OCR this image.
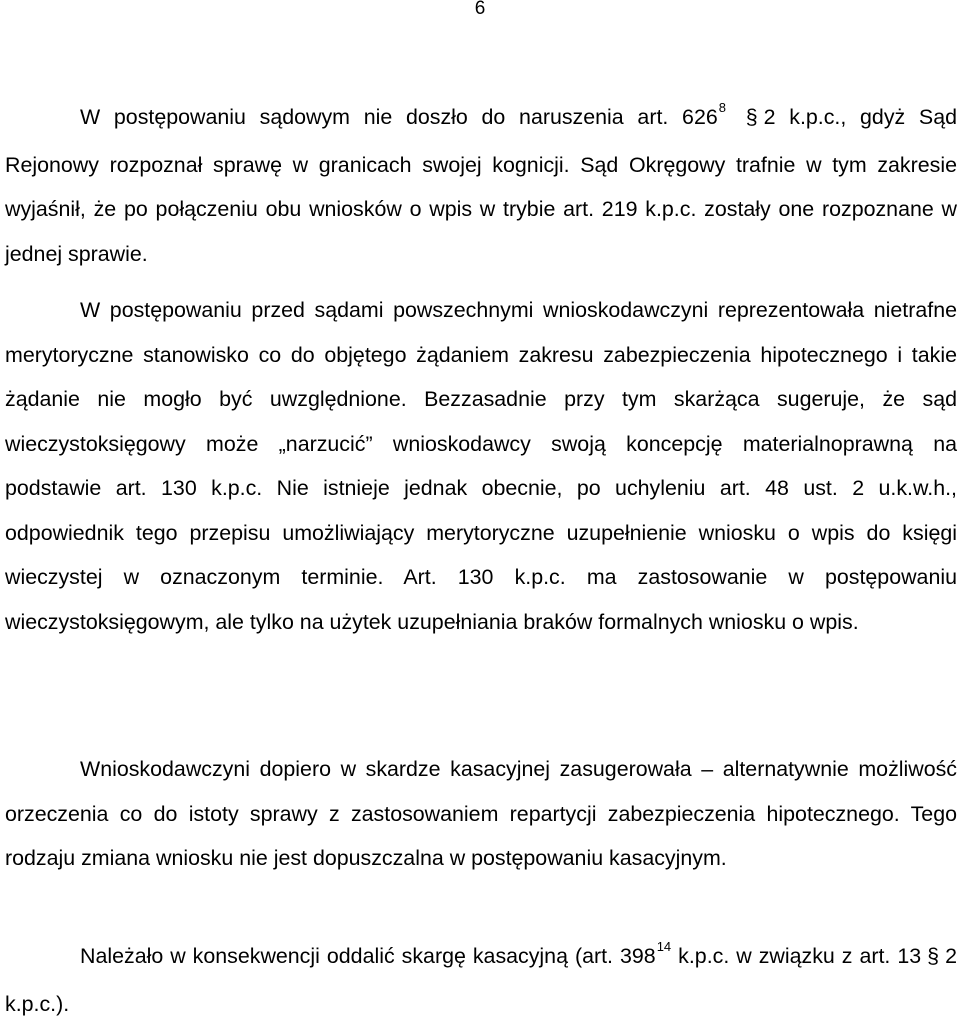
6

W postępowaniu sądowym nie doszło do naruszenia art. $626^8$ § 2 k.p.c., gdyż Sąd Rejonowy rozpoznał sprawę w granicach swojej kognicji. Sąd Okręgowy trafnie w tym zakresie wyjaśnił, że po połączeniu obu wniosków o wpis w trybie art. 219 k.p.c. zostały one rozpoznane w jednej sprawie.

W postępowaniu przed sądami powszechnymi wnioskodawczyni reprezentowała nietrafne merytoryczne stanowisko co do objętego żądaniem zakresu zabezpieczenia hipotecznego i takie żądanie nie mogło być uwzględnione. Bezzasadnie przy tym skarżąca sugeruje, że sąd wieczystoksięgowy może „narzucić” wnioskodawcy swoją koncepcję materialnoprawną na podstawie art. 130 k.p.c. Nie istnieje jednak obecnie, po uchyleniu art. 48 ust. 2 u.k.w.h., odpowiednik tego przepisu umożliwiający merytoryczne uzupełnienie wniosku o wpis do księgi wieczystej w oznaczonym terminie. Art. 130 k.p.c. ma zastosowanie w postępowaniu wieczystoksięgowym, ale tylko na użytek uzupełniania braków formalnych wniosku o wpis.

Wnioskodawczyni dopiero w skardze kasacyjnej zasugerowała – alternatywnie możliwość orzeczenia co do istoty sprawy z zastosowaniem repartycji zabezpieczenia hipotecznego. Tego rodzaju zmiana wniosku nie jest dopuszczalna w postępowaniu kasacyjnym.

Należało w konsekwencji oddalić skargę kasacyjną (art. $398^{14}$ k.p.c. w związku z art. 13 § 2 k.p.c.).
